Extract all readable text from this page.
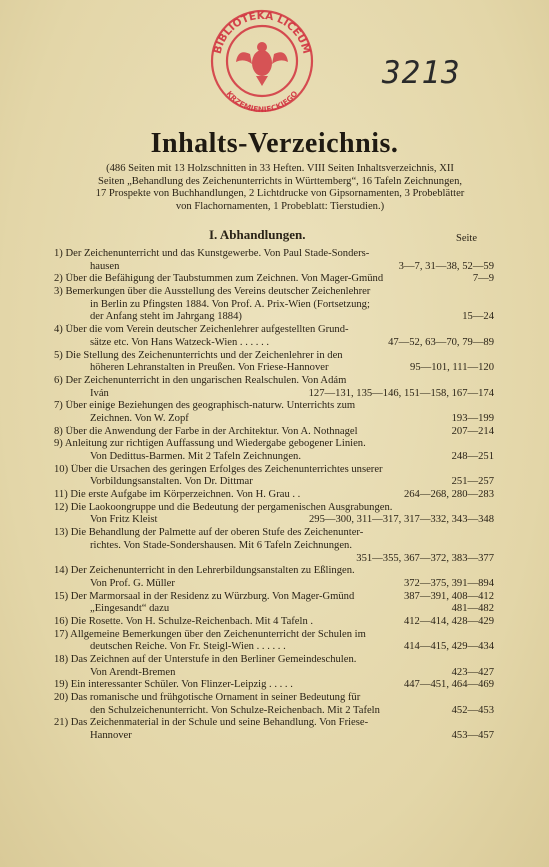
BIBLIOTEKA LICEUM
KRZEMIENIECKIEGO
3213
Inhalts-Verzeichnis.
(486 Seiten mit 13 Holzschnitten in 33 Heften. VIII Seiten Inhaltsverzeichnis, XII
Seiten „Behandlung des Zeichenunterrichts in Württemberg“, 16 Tafeln Zeichnungen,
17 Prospekte von Buchhandlungen, 2 Lichtdrucke von Gipsornamenten, 3 Probeblätter
von Flachornamenten, 1 Probeblatt: Tierstudien.)
I. Abhandlungen.	Seite
1) Der Zeichenunterricht und das Kunstgewerbe. Von Paul Stade-Sonders-
hausen	3—7, 31—38, 52—59
2) Über die Befähigung der Taubstummen zum Zeichnen. Von Mager-Gmünd	7—9
3) Bemerkungen über die Ausstellung des Vereins deutscher Zeichenlehrer
in Berlin zu Pfingsten 1884. Von Prof. A. Prix-Wien (Fortsetzung;
der Anfang steht im Jahrgang 1884)	15—24
4) Über die vom Verein deutscher Zeichenlehrer aufgestellten Grund-
sätze etc. Von Hans Watzeck-Wien . . . . . .	47—52, 63—70, 79—89
5) Die Stellung des Zeichenunterrichts und der Zeichenlehrer in den
höheren Lehranstalten in Preußen. Von Friese-Hannover	95—101, 111—120
6) Der Zeichenunterricht in den ungarischen Realschulen. Von Adám
Iván	127—131, 135—146, 151—158, 167—174
7) Über einige Beziehungen des geographisch-naturw. Unterrichts zum
Zeichnen. Von W. Zopf	193—199
8) Über die Anwendung der Farbe in der Architektur. Von A. Nothnagel	207—214
9) Anleitung zur richtigen Auffassung und Wiedergabe gebogener Linien.
Von Dedittus-Barmen. Mit 2 Tafeln Zeichnungen.	248—251
10) Über die Ursachen des geringen Erfolges des Zeichenunterrichtes unserer
Vorbildungsanstalten. Von Dr. Dittmar	251—257
11) Die erste Aufgabe im Körperzeichnen. Von H. Grau . .	264—268, 280—283
12) Die Laokoongruppe und die Bedeutung der pergamenischen Ausgrabungen.
Von Fritz Kleist	295—300, 311—317, 317—332, 343—348
13) Die Behandlung der Palmette auf der oberen Stufe des Zeichenunter-
richtes. Von Stade-Sondershausen. Mit 6 Tafeln Zeichnungen.
351—355, 367—372, 383—377
14) Der Zeichenunterricht in den Lehrerbildungsanstalten zu Eßlingen.
Von Prof. G. Müller	372—375, 391—894
15) Der Marmorsaal in der Residenz zu Würzburg. Von Mager-Gmünd	387—391, 408—412
„Eingesandt“ dazu	481—482
16) Die Rosette. Von H. Schulze-Reichenbach. Mit 4 Tafeln .	412—414, 428—429
17) Allgemeine Bemerkungen über den Zeichenunterricht der Schulen im
deutschen Reiche. Von Fr. Steigl-Wien . . . . . .	414—415, 429—434
18) Das Zeichnen auf der Unterstufe in den Berliner Gemeindeschulen.
Von Arendt-Bremen	423—427
19) Ein interessanter Schüler. Von Flinzer-Leipzig . . . . .	447—451, 464—469
20) Das romanische und frühgotische Ornament in seiner Bedeutung für
den Schulzeichenunterricht. Von Schulze-Reichenbach. Mit 2 Tafeln	452—453
21) Das Zeichenmaterial in der Schule und seine Behandlung. Von Friese-
Hannover	453—457
